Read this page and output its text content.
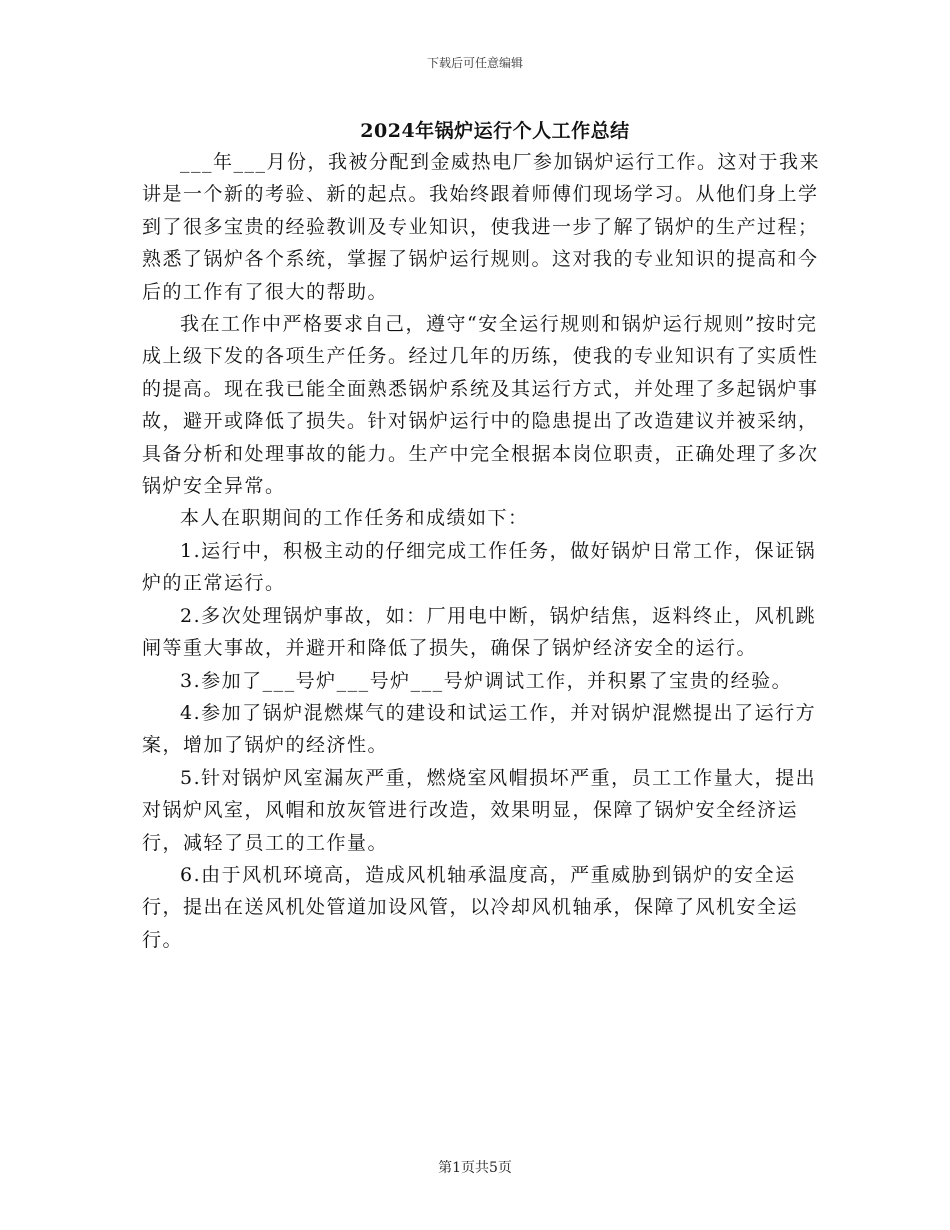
下载后可任意编辑
2024年锅炉运行个人工作总结

___年___月份，我被分配到金威热电厂参加锅炉运行工作。这对于我来讲是一个新的考验、新的起点。我始终跟着师傅们现场学习。从他们身上学到了很多宝贵的经验教训及专业知识，使我进一步了解了锅炉的生产过程；熟悉了锅炉各个系统，掌握了锅炉运行规则。这对我的专业知识的提高和今后的工作有了很大的帮助。

我在工作中严格要求自己，遵守“安全运行规则和锅炉运行规则”按时完成上级下发的各项生产任务。经过几年的历练，使我的专业知识有了实质性的提高。现在我已能全面熟悉锅炉系统及其运行方式，并处理了多起锅炉事故，避开或降低了损失。针对锅炉运行中的隐患提出了改造建议并被采纳，具备分析和处理事故的能力。生产中完全根据本岗位职责，正确处理了多次锅炉安全异常。

本人在职期间的工作任务和成绩如下：

1.运行中，积极主动的仔细完成工作任务，做好锅炉日常工作，保证锅炉的正常运行。

2.多次处理锅炉事故，如：厂用电中断，锅炉结焦，返料终止，风机跳闸等重大事故，并避开和降低了损失，确保了锅炉经济安全的运行。

3.参加了___号炉___号炉___号炉调试工作，并积累了宝贵的经验。

4.参加了锅炉混燃煤气的建设和试运工作，并对锅炉混燃提出了运行方案，增加了锅炉的经济性。

5.针对锅炉风室漏灰严重，燃烧室风帽损坏严重，员工工作量大，提出对锅炉风室，风帽和放灰管进行改造，效果明显，保障了锅炉安全经济运行，减轻了员工的工作量。

6.由于风机环境高，造成风机轴承温度高，严重威胁到锅炉的安全运行，提出在送风机处管道加设风管，以冷却风机轴承，保障了风机安全运行。

第1页共5页
